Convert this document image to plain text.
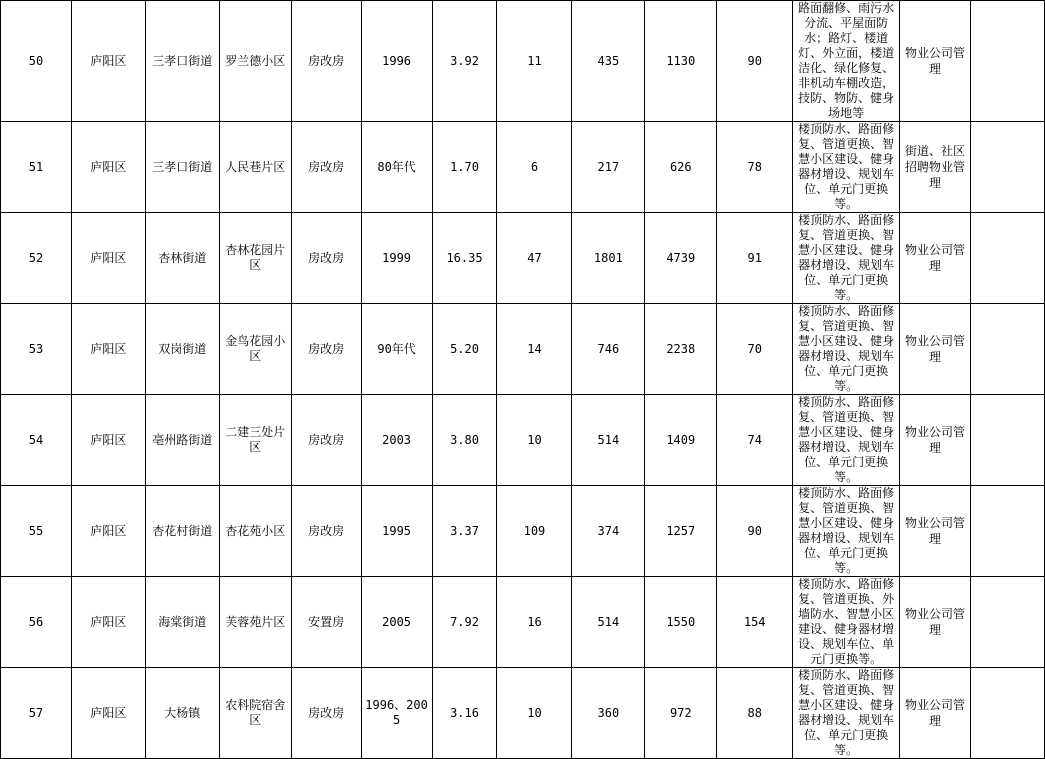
50	庐阳区	三孝口街道	罗兰德小区	房改房	1996	3.92	11	435	1130	90	路面翻修、雨污水分流、平屋面防水；路灯、楼道灯、外立面，楼道洁化、绿化修复、非机动车棚改造，技防、物防、健身场地等	物业公司管理	
51	庐阳区	三孝口街道	人民巷片区	房改房	80年代	1.70	6	217	626	78	楼顶防水、路面修复、管道更换、智慧小区建设、健身器材增设、规划车位、单元门更换等。	街道、社区招聘物业管理	
52	庐阳区	杏林街道	杏林花园片区	房改房	1999	16.35	47	1801	4739	91	楼顶防水、路面修复、管道更换、智慧小区建设、健身器材增设、规划车位、单元门更换等。	物业公司管理	
53	庐阳区	双岗街道	金鸟花园小区	房改房	90年代	5.20	14	746	2238	70	楼顶防水、路面修复、管道更换、智慧小区建设、健身器材增设、规划车位、单元门更换等。	物业公司管理	
54	庐阳区	亳州路街道	二建三处片区	房改房	2003	3.80	10	514	1409	74	楼顶防水、路面修复、管道更换、智慧小区建设、健身器材增设、规划车位、单元门更换等。	物业公司管理	
55	庐阳区	杏花村街道	杏花苑小区	房改房	1995	3.37	109	374	1257	90	楼顶防水、路面修复、管道更换、智慧小区建设、健身器材增设、规划车位、单元门更换等。	物业公司管理	
56	庐阳区	海棠街道	芙蓉苑片区	安置房	2005	7.92	16	514	1550	154	楼顶防水、路面修复、管道更换、外墙防水、智慧小区建设、健身器材增设、规划车位、单元门更换等。	物业公司管理	
57	庐阳区	大杨镇	农科院宿舍区	房改房	1996、2005	3.16	10	360	972	88	楼顶防水、路面修复、管道更换、智慧小区建设、健身器材增设、规划车位、单元门更换等。	物业公司管理	
